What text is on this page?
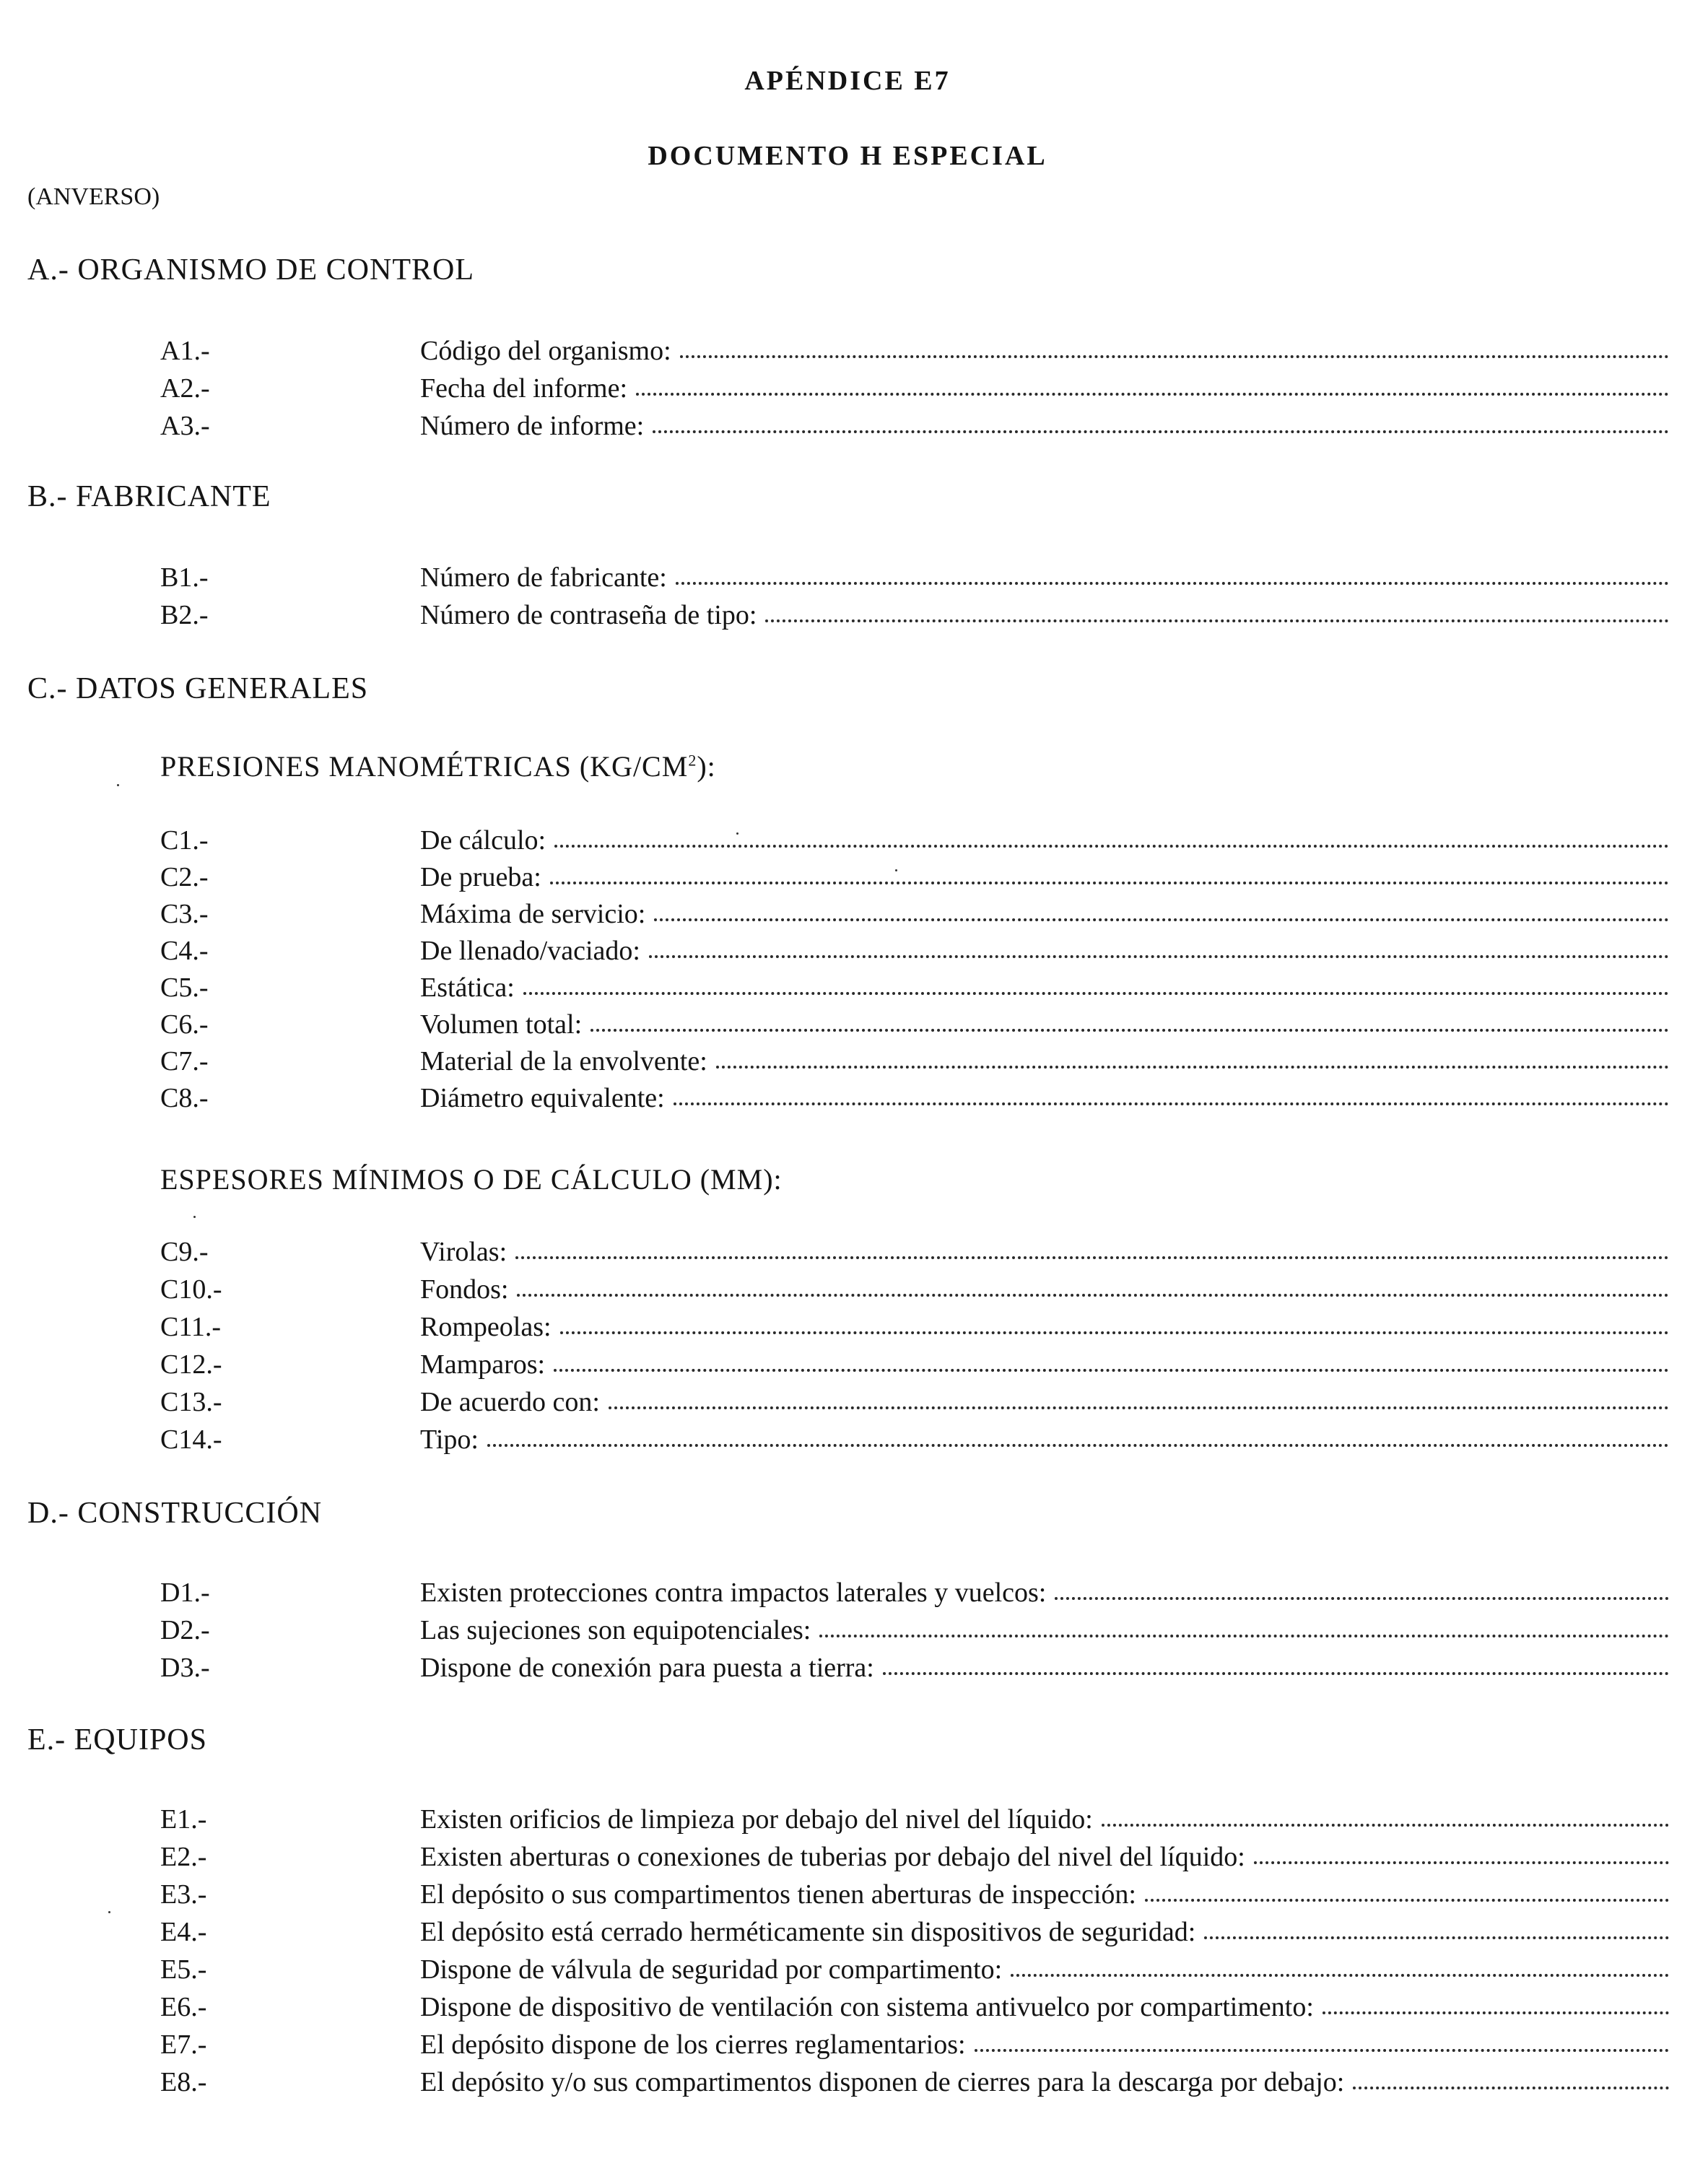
APÉNDICE E7
DOCUMENTO H ESPECIAL
(ANVERSO)
A.- ORGANISMO DE CONTROL
A1.-	Código del organismo:
A2.-	Fecha del informe:
A3.-	Número de informe:
B.- FABRICANTE
B1.-	Número de fabricante:
B2.-	Número de contraseña de tipo:
C.- DATOS GENERALES
PRESIONES MANOMÉTRICAS $(KG/CM^2)$:
C1.-	De cálculo:
C2.-	De prueba:
C3.-	Máxima de servicio:
C4.-	De llenado/vaciado:
C5.-	Estática:
C6.-	Volumen total:
C7.-	Material de la envolvente:
C8.-	Diámetro equivalente:
ESPESORES MÍNIMOS O DE CÁLCULO (MM):
C9.-	Virolas:
C10.-	Fondos:
C11.-	Rompeolas:
C12.-	Mamparos:
C13.-	De acuerdo con:
C14.-	Tipo:
D.- CONSTRUCCIÓN
D1.-	Existen protecciones contra impactos laterales y vuelcos:
D2.-	Las sujeciones son equipotenciales:
D3.-	Dispone de conexión para puesta a tierra:
E.- EQUIPOS
E1.-	Existen orificios de limpieza por debajo del nivel del líquido:
E2.-	Existen aberturas o conexiones de tuberias por debajo del nivel del líquido:
E3.-	El depósito o sus compartimentos tienen aberturas de inspección:
E4.-	El depósito está cerrado herméticamente sin dispositivos de seguridad:
E5.-	Dispone de válvula de seguridad por compartimento:
E6.-	Dispone de dispositivo de ventilación con sistema antivuelco por compartimento:
E7.-	El depósito dispone de los cierres reglamentarios:
E8.-	El depósito y/o sus compartimentos disponen de cierres para la descarga por debajo:
